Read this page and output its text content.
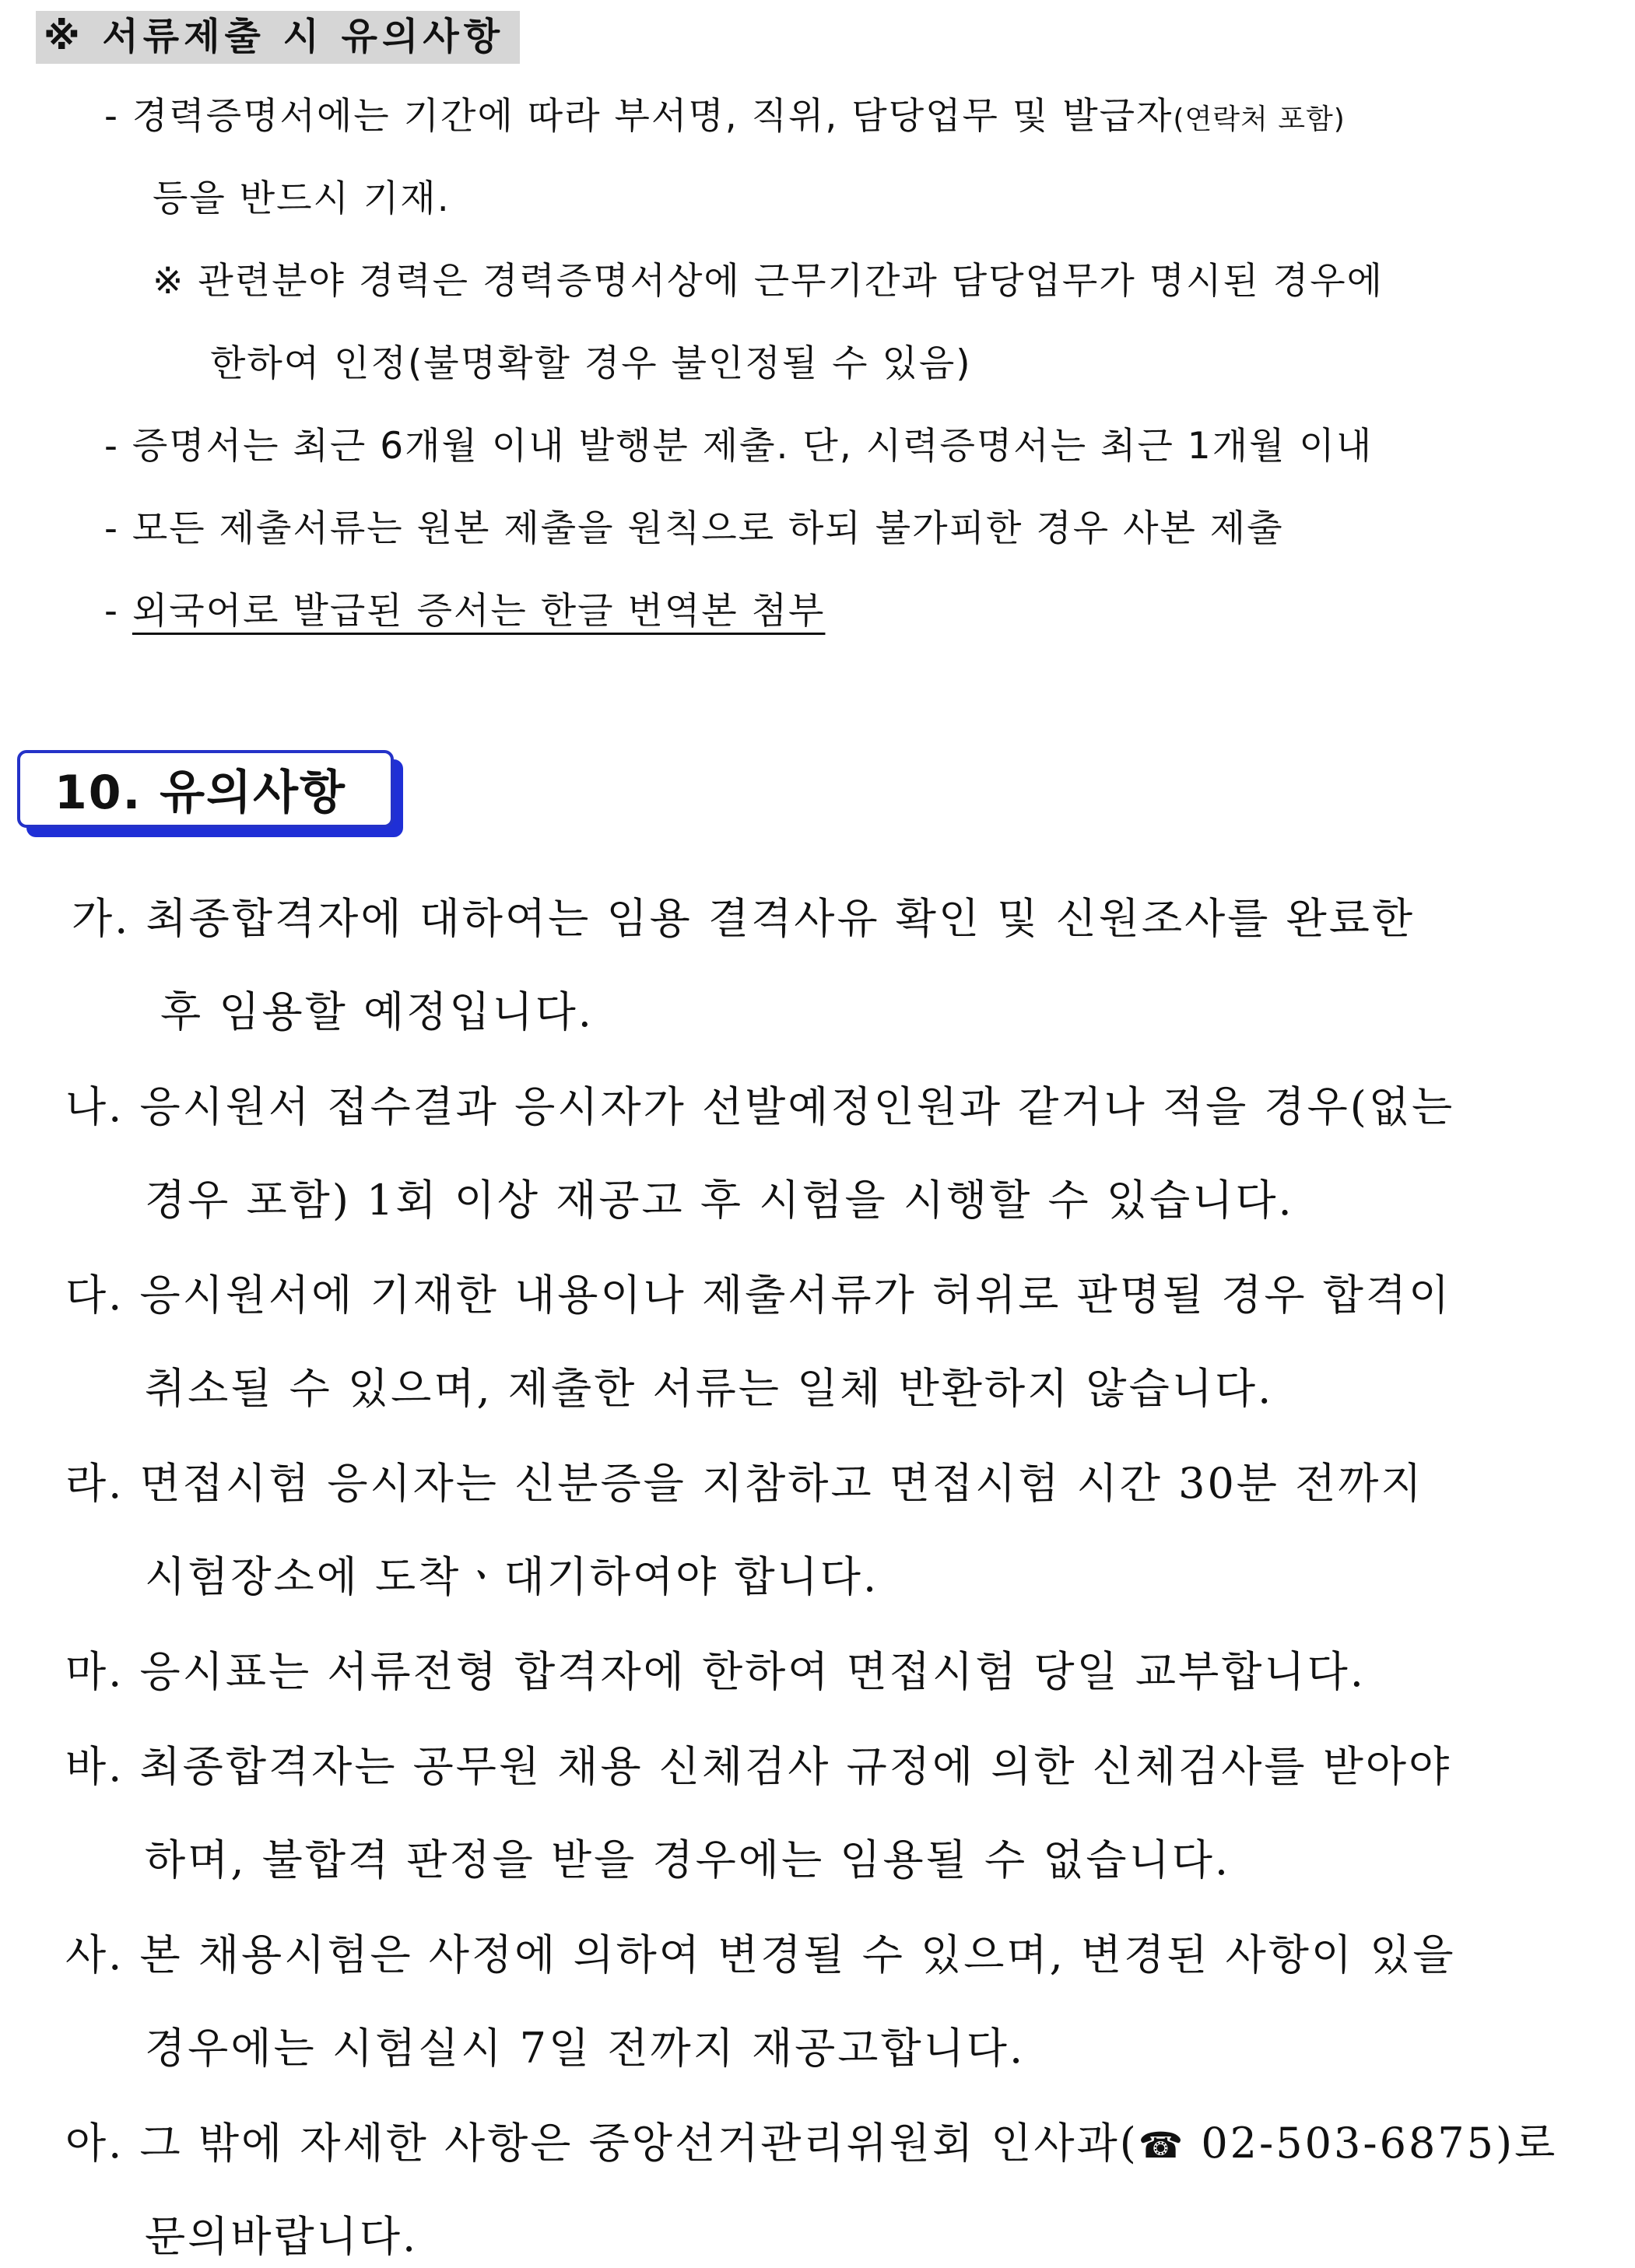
※ 서류제출 시 유의사항
- 경력증명서에는 기간에 따라 부서명, 직위, 담당업무 및 발급자(연락처 포함)
등을 반드시 기재.
※ 관련분야 경력은 경력증명서상에 근무기간과 담당업무가 명시된 경우에
한하여 인정(불명확할 경우 불인정될 수 있음)
- 증명서는 최근 6개월 이내 발행분 제출. 단, 시력증명서는 최근 1개월 이내
- 모든 제출서류는 원본 제출을 원칙으로 하되 불가피한 경우 사본 제출
- 외국어로 발급된 증서는 한글 번역본 첨부
10. 유의사항
가. 최종합격자에 대하여는 임용 결격사유 확인 및 신원조사를 완료한
후 임용할 예정입니다.
나. 응시원서 접수결과 응시자가 선발예정인원과 같거나 적을 경우(없는
경우 포함) 1회 이상 재공고 후 시험을 시행할 수 있습니다.
다. 응시원서에 기재한 내용이나 제출서류가 허위로 판명될 경우 합격이
취소될 수 있으며, 제출한 서류는 일체 반환하지 않습니다.
라. 면접시험 응시자는 신분증을 지참하고 면접시험 시간 30분 전까지
시험장소에 도착ㆍ대기하여야 합니다.
마. 응시표는 서류전형 합격자에 한하여 면접시험 당일 교부합니다.
바. 최종합격자는 공무원 채용 신체검사 규정에 의한 신체검사를 받아야
하며, 불합격 판정을 받을 경우에는 임용될 수 없습니다.
사. 본 채용시험은 사정에 의하여 변경될 수 있으며, 변경된 사항이 있을
경우에는 시험실시 7일 전까지 재공고합니다.
아. 그 밖에 자세한 사항은 중앙선거관리위원회 인사과(☎ 02-503-6875)로
문의바랍니다.
